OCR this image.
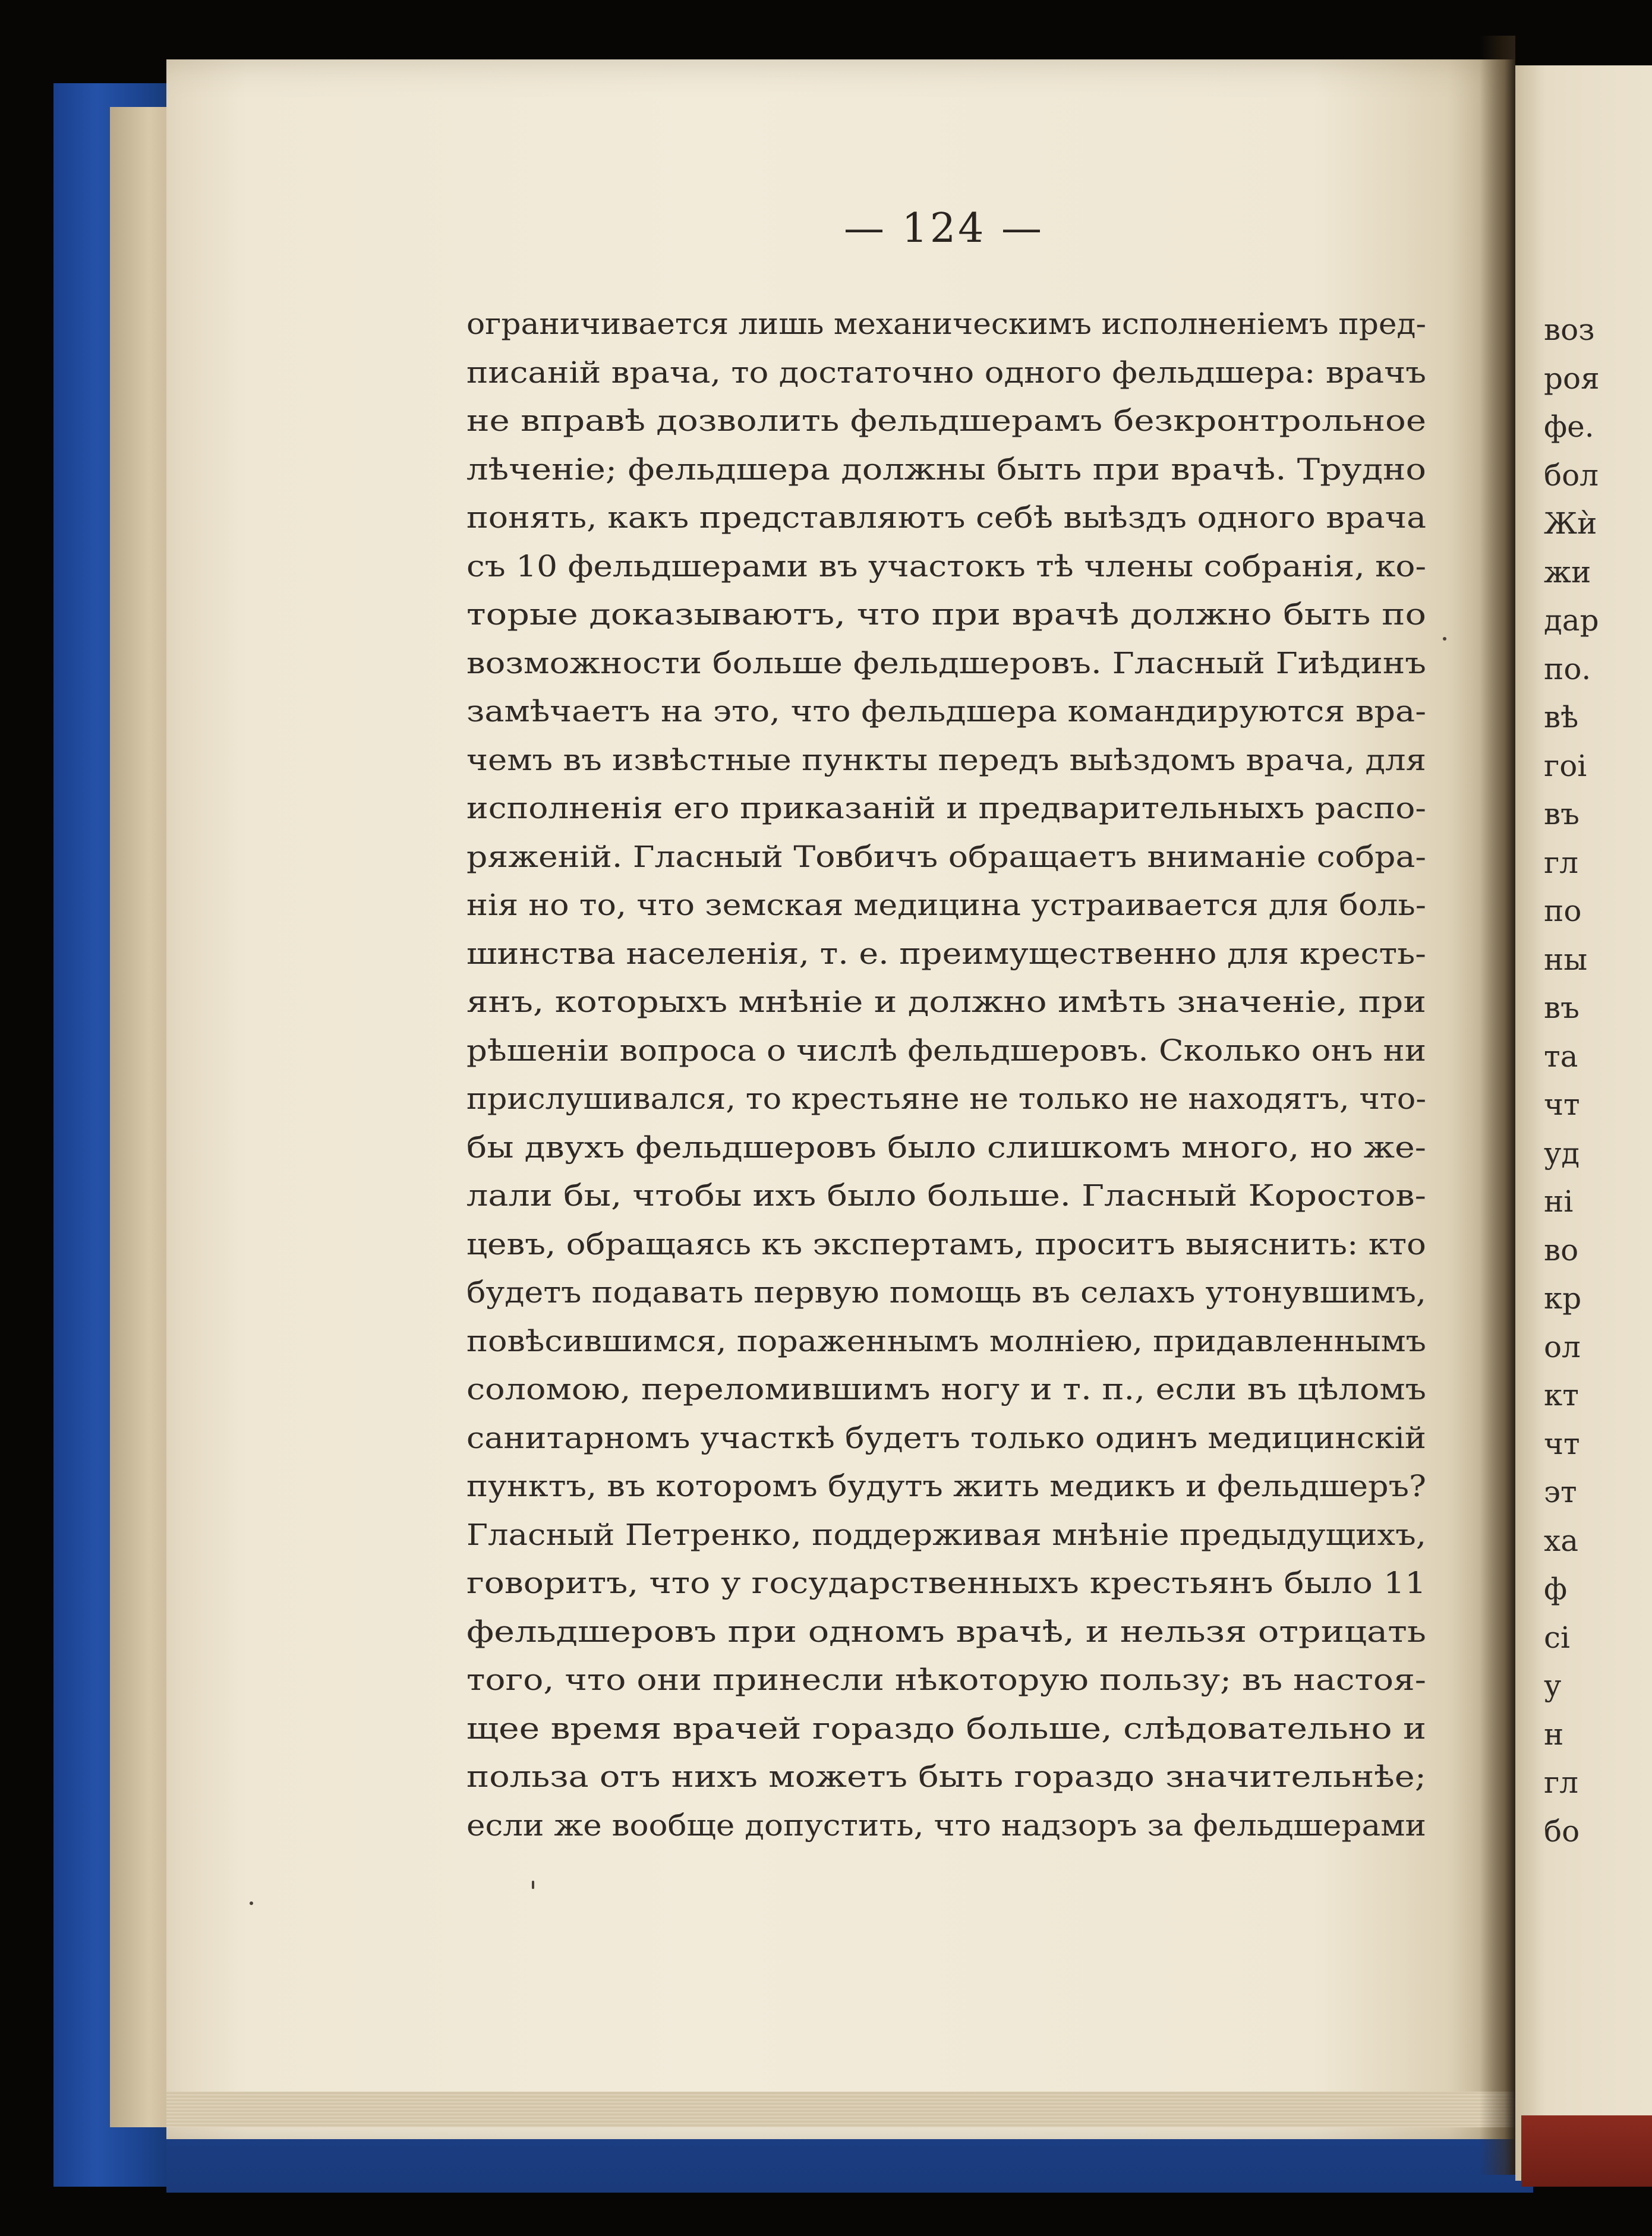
— 124 —
ограничивается лишь механическимъ исполненіемъ пред-
писаній врача, то достаточно одного фельдшера: врачъ
не вправѣ дозволить фельдшерамъ безкронтрольное
лѣченіе; фельдшера должны быть при врачѣ. Трудно
понять, какъ представляютъ себѣ выѣздъ одного врача
съ 10 фельдшерами въ участокъ тѣ члены собранія, ко-
торые доказываютъ, что при врачѣ должно быть по
возможности больше фельдшеровъ. Гласный Гиѣдинъ
замѣчаетъ на это, что фельдшера командируются вра-
чемъ въ извѣстные пункты передъ выѣздомъ врача, для
исполненія его приказаній и предварительныхъ распо-
ряженій. Гласный Товбичъ обращаетъ вниманіе собра-
нія но то, что земская медицина устраивается для боль-
шинства населенія, т. е. преимущественно для кресть-
янъ, которыхъ мнѣніе и должно имѣть значеніе, при
рѣшеніи вопроса о числѣ фельдшеровъ. Сколько онъ ни
прислушивался, то крестьяне не только не находятъ, что-
бы двухъ фельдшеровъ было слишкомъ много, но же-
лали бы, чтобы ихъ было больше. Гласный Коростов-
цевъ, обращаясь къ экспертамъ, проситъ выяснить: кто
будетъ подавать первую помощь въ селахъ утонувшимъ,
повѣсившимся, пораженнымъ молніею, придавленнымъ
соломою, переломившимъ ногу и т. п., если въ цѣломъ
санитарномъ участкѣ будетъ только одинъ медицинскій
пунктъ, въ которомъ будутъ жить медикъ и фельдшеръ?
Гласный Петренко, поддерживая мнѣніе предыдущихъ,
говоритъ, что у государственныхъ крестьянъ было 11
фельдшеровъ при одномъ врачѣ, и нельзя отрицать
того, что они принесли нѣкоторую пользу; въ настоя-
щее время врачей гораздо больше, слѣдовательно и
польза отъ нихъ можетъ быть гораздо значительнѣе;
если же вообще допустить, что надзоръ за фельдшерами
воз
роя
фе.
бол
Жѝ
жи
дар
по.
вѣ
гоі
въ
гл
по
ны
въ
та
чт
уд
ні
во
кр
ол
кт
чт
эт
ха
ф
сі
у
н
гл
бо
